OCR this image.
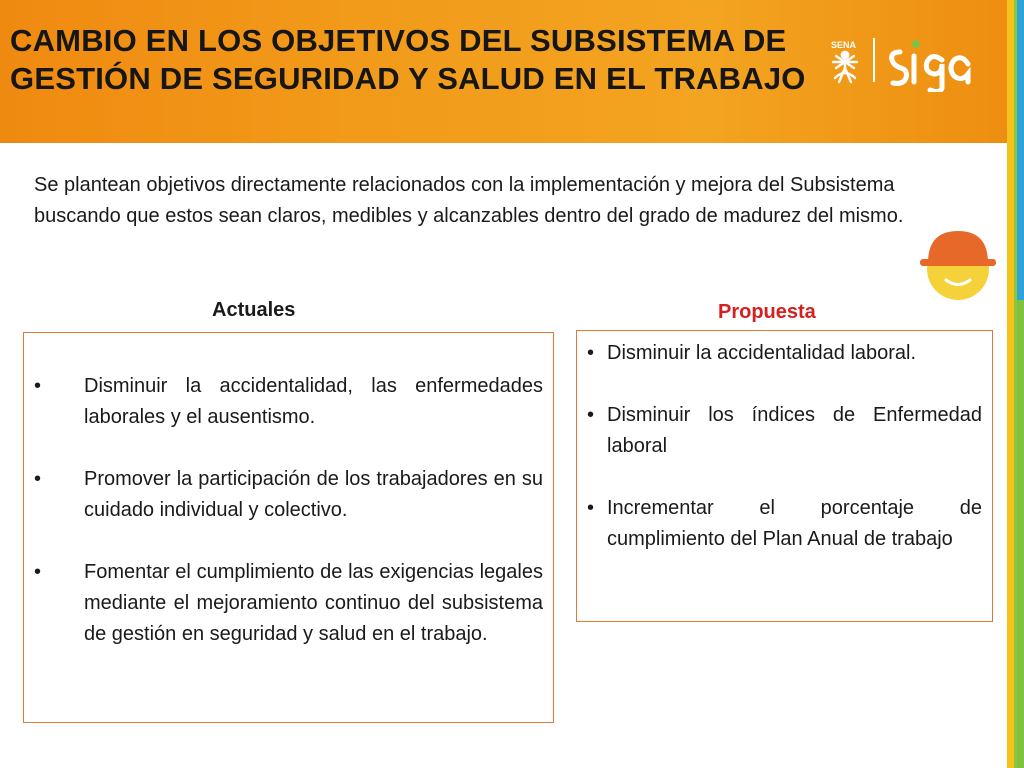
CAMBIO EN LOS OBJETIVOS DEL SUBSISTEMA DE
GESTIÓN DE SEGURIDAD Y SALUD EN EL TRABAJO
SENA
Se plantean objetivos directamente relacionados con la implementación y mejora del Subsistema buscando que estos sean claros, medibles y alcanzables dentro del grado de madurez del mismo.
Actuales	Propuesta
•	Disminuir la accidentalidad, las enfermedades laborales y el ausentismo.
•	Promover la participación de los trabajadores en su cuidado individual y colectivo.
•	Fomentar el cumplimiento de las exigencias legales mediante el mejoramiento continuo del subsistema de gestión en seguridad y salud en el trabajo.
• Disminuir la accidentalidad laboral.
• Disminuir los índices de Enfermedad laboral
• Incrementar el porcentaje de cumplimiento del Plan Anual de trabajo
